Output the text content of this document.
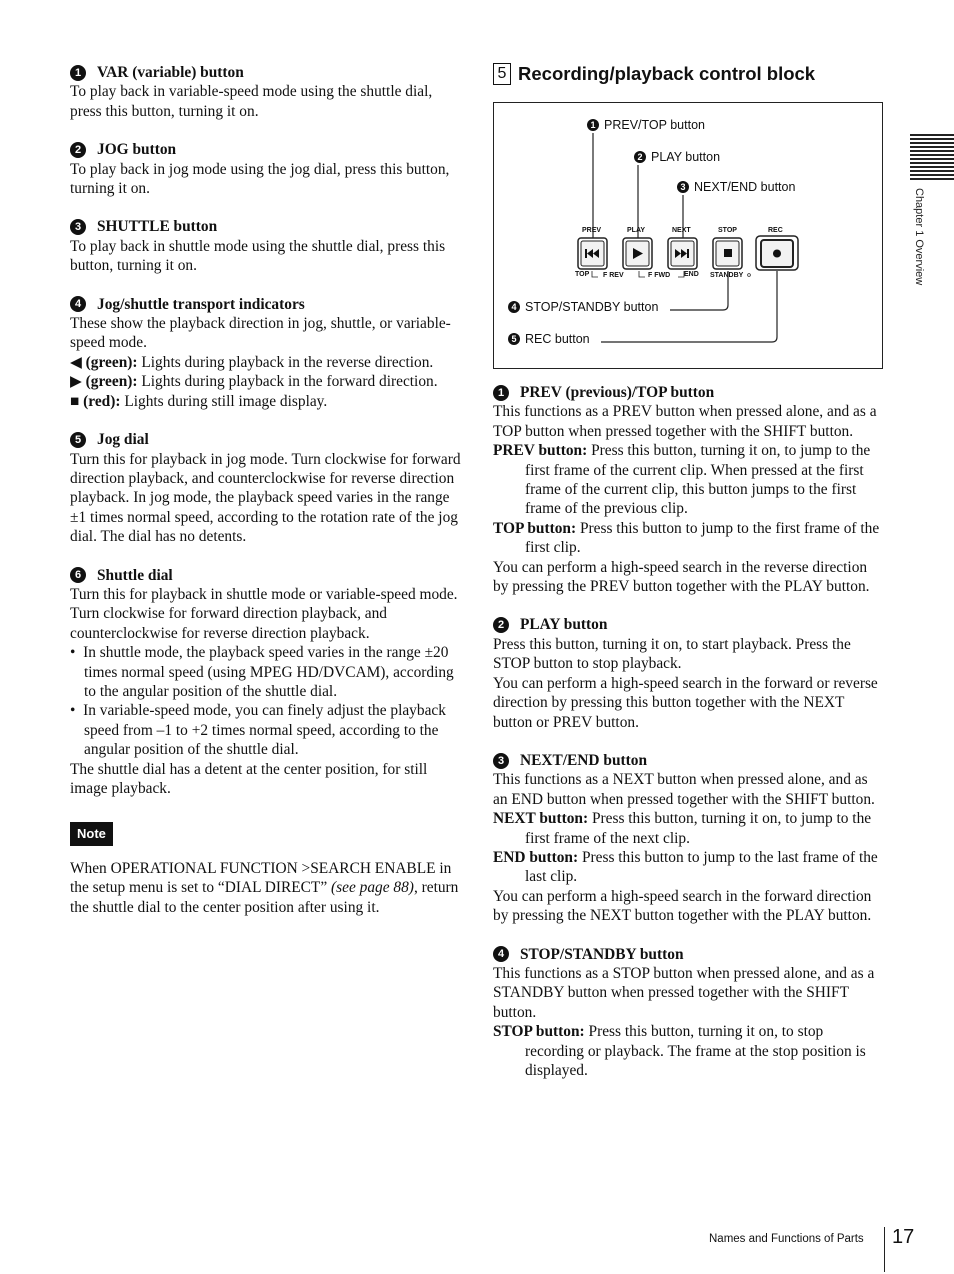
1	VAR (variable) button

To play back in variable-speed mode using the shuttle dial, press this button, turning it on.

2	JOG button

To play back in jog mode using the jog dial, press this button, turning it on.

3	SHUTTLE button

To play back in shuttle mode using the shuttle dial, press this button, turning it on.

4	Jog/shuttle transport indicators

These show the playback direction in jog, shuttle, or variable-speed mode.

◀ (green): Lights during playback in the reverse direction.

▶ (green): Lights during playback in the forward direction.

■ (red): Lights during still image display.

5	Jog dial

Turn this for playback in jog mode. Turn clockwise for forward direction playback, and counterclockwise for reverse direction playback. In jog mode, the playback speed varies in the range ±1 times normal speed, according to the rotation rate of the jog dial. The dial has no detents.

6	Shuttle dial

Turn this for playback in shuttle mode or variable-speed mode. Turn clockwise for forward direction playback, and counterclockwise for reverse direction playback.

•  In shuttle mode, the playback speed varies in the range ±20 times normal speed (using MPEG HD/DVCAM), according to the angular position of the shuttle dial.
•  In variable-speed mode, you can finely adjust the playback speed from –1 to +2 times normal speed, according to the angular position of the shuttle dial.

The shuttle dial has a detent at the center position, for still image playback.

Note

When OPERATIONAL FUNCTION >SEARCH ENABLE in the setup menu is set to “DIAL DIRECT” (see page 88), return the shuttle dial to the center position after using it.

5 Recording/playback control block
1 PREV/TOP button
2 PLAY button
3 NEXT/END button
4 STOP/STANDBY button
5 REC button
PREV	PLAY	NEXT	STOP	REC
TOP F REV	F FWD END STANDBY
1	PREV (previous)/TOP button

This functions as a PREV button when pressed alone, and as a TOP button when pressed together with the SHIFT button.

PREV button: Press this button, turning it on, to jump to the first frame of the current clip. When pressed at the first frame of the current clip, this button jumps to the first frame of the previous clip.

TOP button: Press this button to jump to the first frame of the first clip.

You can perform a high-speed search in the reverse direction by pressing the PREV button together with the PLAY button.

2	PLAY button

Press this button, turning it on, to start playback. Press the STOP button to stop playback.

You can perform a high-speed search in the forward or reverse direction by pressing this button together with the NEXT button or PREV button.

3	NEXT/END button

This functions as a NEXT button when pressed alone, and as an END button when pressed together with the SHIFT button.

NEXT button: Press this button, turning it on, to jump to the first frame of the next clip.

END button: Press this button to jump to the last frame of the last clip.

You can perform a high-speed search in the forward direction by pressing the NEXT button together with the PLAY button.

4	STOP/STANDBY button

This functions as a STOP button when pressed alone, and as a STANDBY button when pressed together with the SHIFT button.

STOP button: Press this button, turning it on, to stop recording or playback. The frame at the stop position is displayed.

Chapter 1 Overview
Names and Functions of Parts 17
